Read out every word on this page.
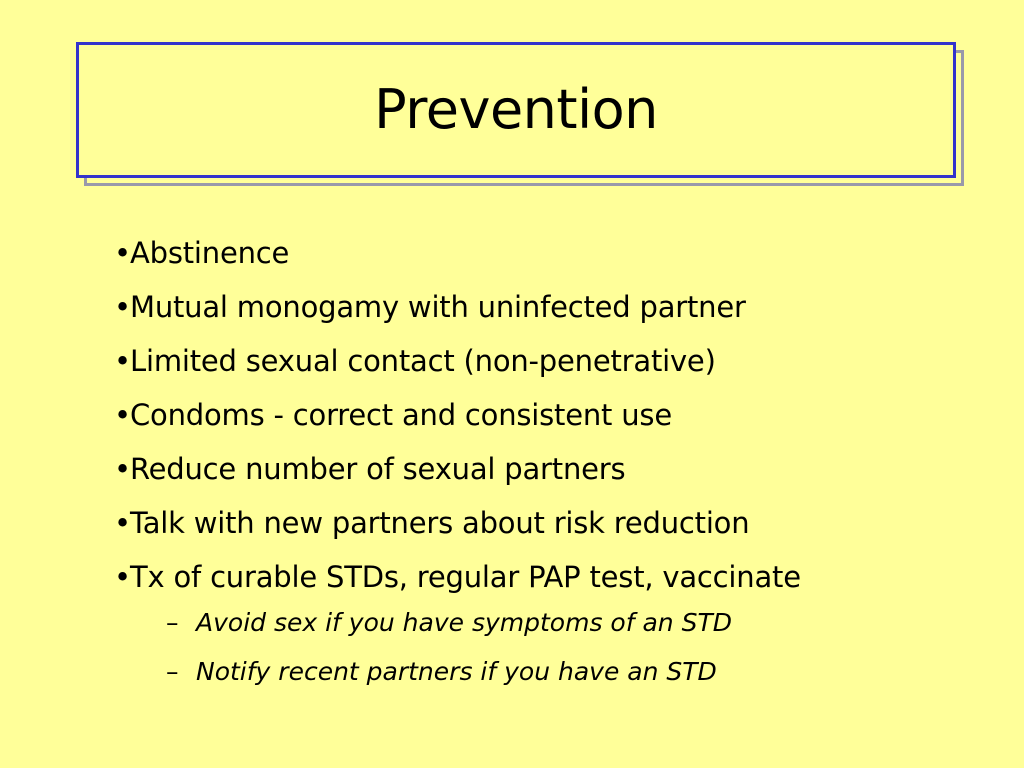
Prevention
• Abstinence
• Mutual monogamy with uninfected partner
• Limited sexual contact (non-penetrative)
• Condoms - correct and consistent use
• Reduce number of sexual partners
• Talk with new partners about risk reduction
• Tx of curable STDs, regular PAP test, vaccinate
– Avoid sex if you have symptoms of an STD
– Notify recent partners if you have an STD
